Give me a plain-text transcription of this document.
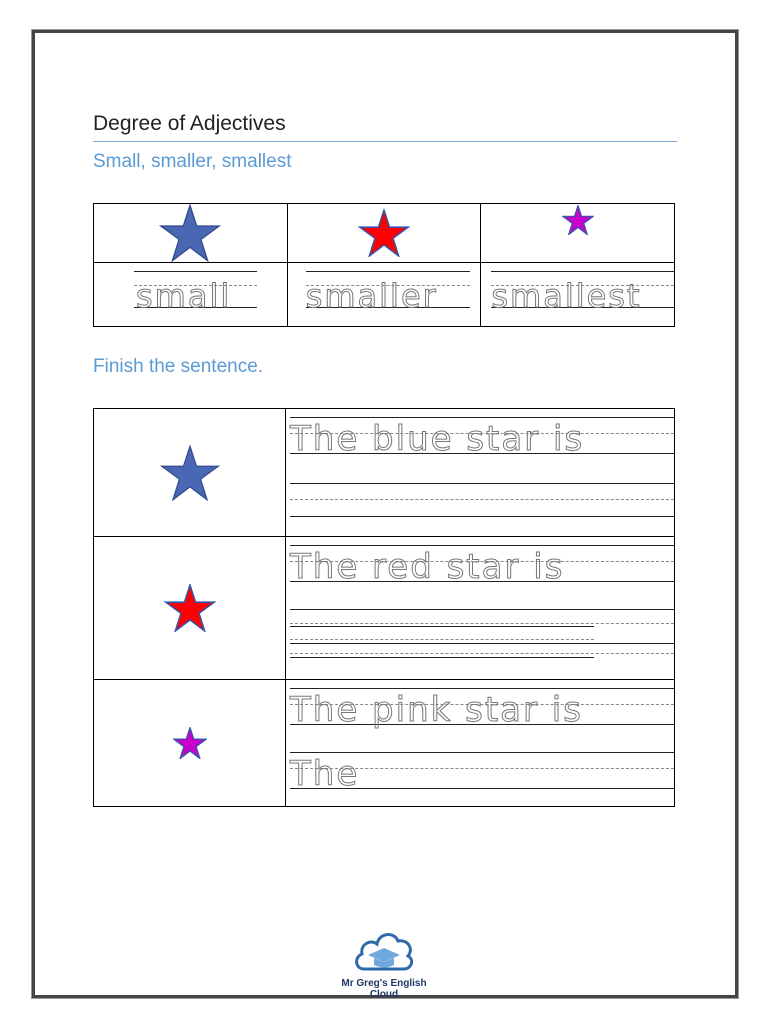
Degree of Adjectives
Small, smaller, smallest

small	smaller	smallest
Finish the sentence.

The blue star is

The red star is

The pink star is
The
Mr Greg's English Cloud
